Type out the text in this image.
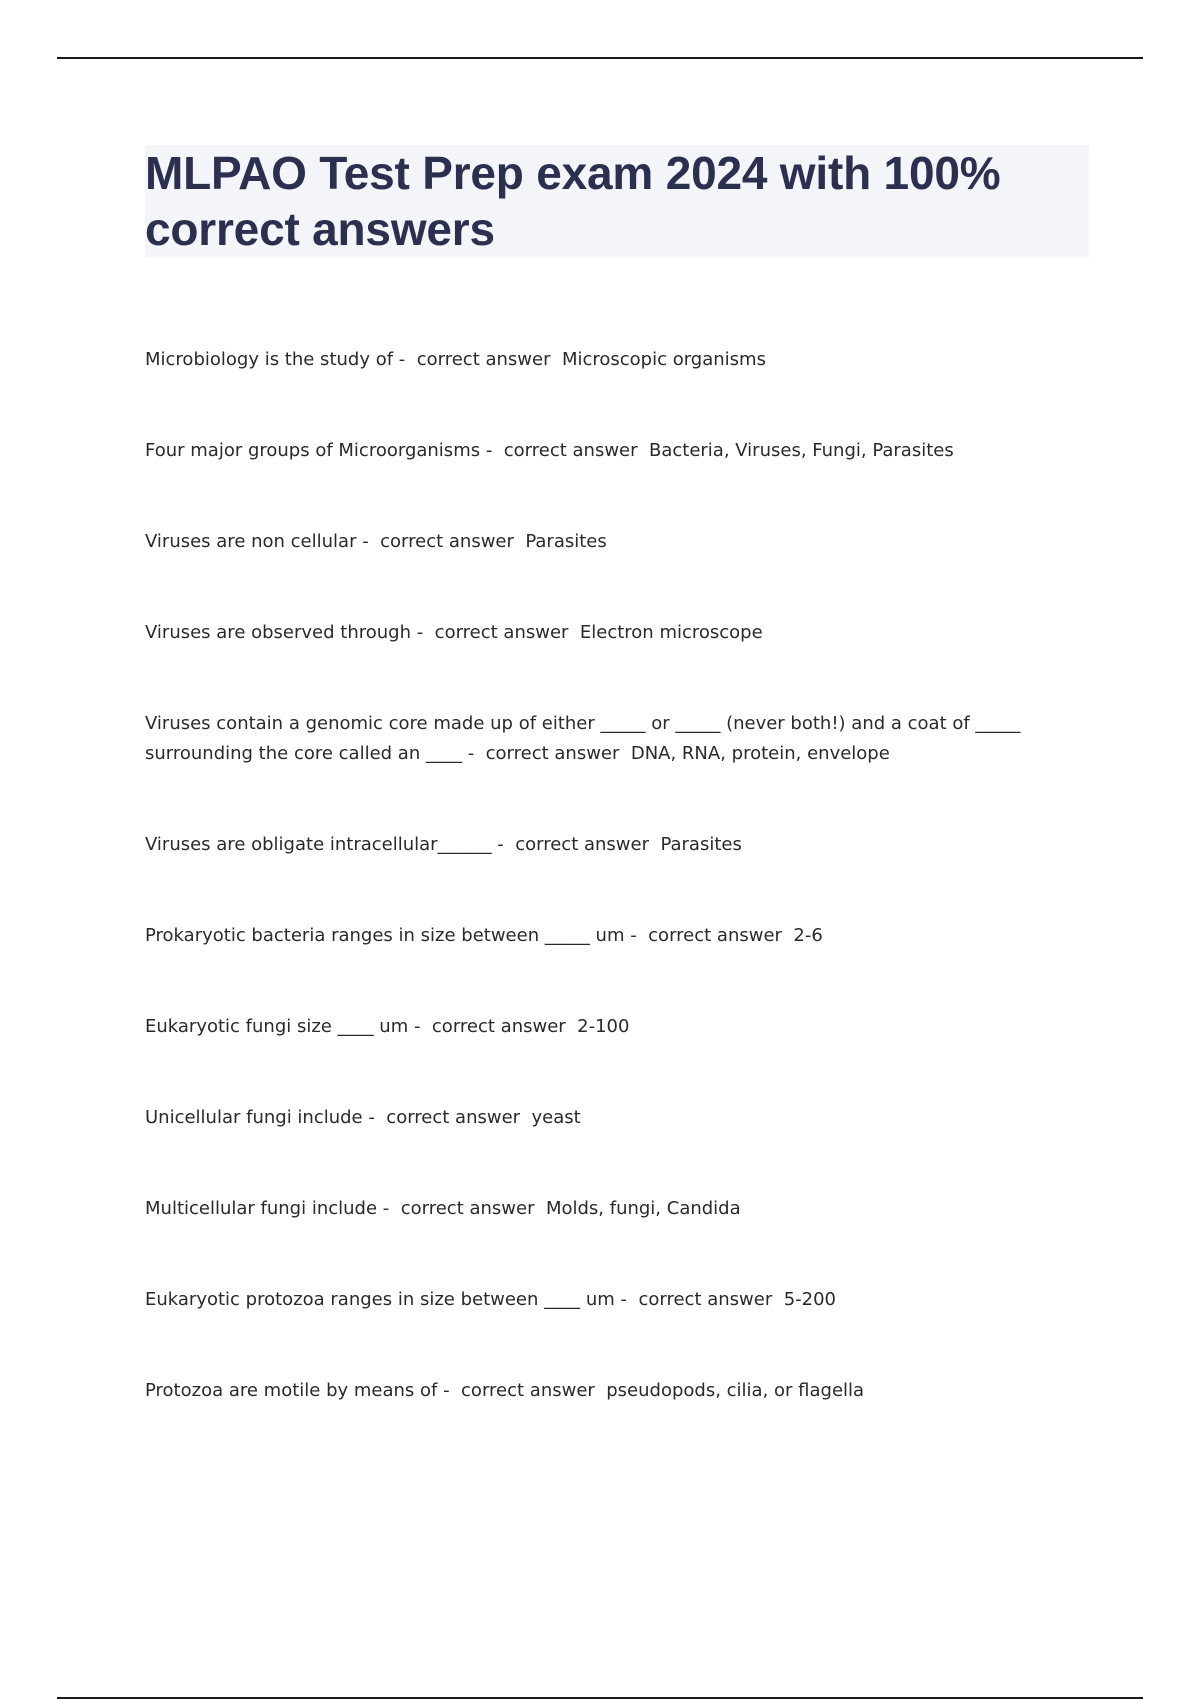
MLPAO Test Prep exam 2024 with 100% correct answers
Microbiology is the study of -  correct answer  Microscopic organisms
Four major groups of Microorganisms -  correct answer  Bacteria, Viruses, Fungi, Parasites
Viruses are non cellular -  correct answer  Parasites
Viruses are observed through -  correct answer  Electron microscope
Viruses contain a genomic core made up of either _____ or _____ (never both!) and a coat of _____ surrounding the core called an ____ -  correct answer  DNA, RNA, protein, envelope
Viruses are obligate intracellular______ -  correct answer  Parasites
Prokaryotic bacteria ranges in size between _____ um -  correct answer  2-6
Eukaryotic fungi size ____ um -  correct answer  2-100
Unicellular fungi include -  correct answer  yeast
Multicellular fungi include -  correct answer  Molds, fungi, Candida
Eukaryotic protozoa ranges in size between ____ um -  correct answer  5-200
Protozoa are motile by means of -  correct answer  pseudopods, cilia, or flagella
